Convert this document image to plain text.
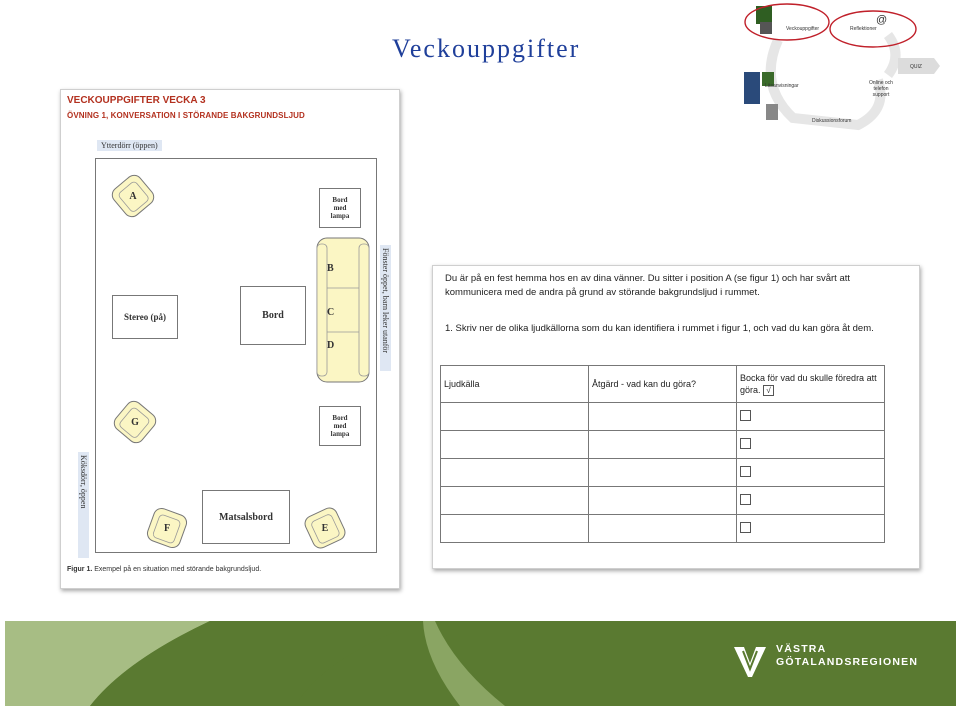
Veckouppgifter
VECKOUPPGIFTER VECKA 3
ÖVNING 1, KONVERSATION I STÖRANDE BAKGRUNDSLJUD
Ytterdörr (öppen)
Bord
med
lampa
Bord
med
lampa
Stereo (på)	Bord
Matsalsbord
Fönster öppet, barn leker utanför
Köksdörr, öppen
A
G
F	E
B
C
D
Figur 1. Exempel på en situation med störande bakgrundsljud.
Du är på en fest hemma hos en av dina vänner. Du sitter i position A (se figur 1) och har svårt att kommunicera med de andra på grund av störande bakgrundsljud i rummet.
1. Skriv ner de olika ljudkällorna som du kan identifiera i rummet i figur 1, och vad du kan göra åt dem.
Ljudkälla	Åtgärd - vad kan du göra?	Bocka för vad du skulle föredra att göra. √

Veckouppgifter	Reflektioner
@
QUIZ
Online och telefon support
Diskussionsforum
Läsanvisningar
VÄSTRA
GÖTALANDSREGIONEN
